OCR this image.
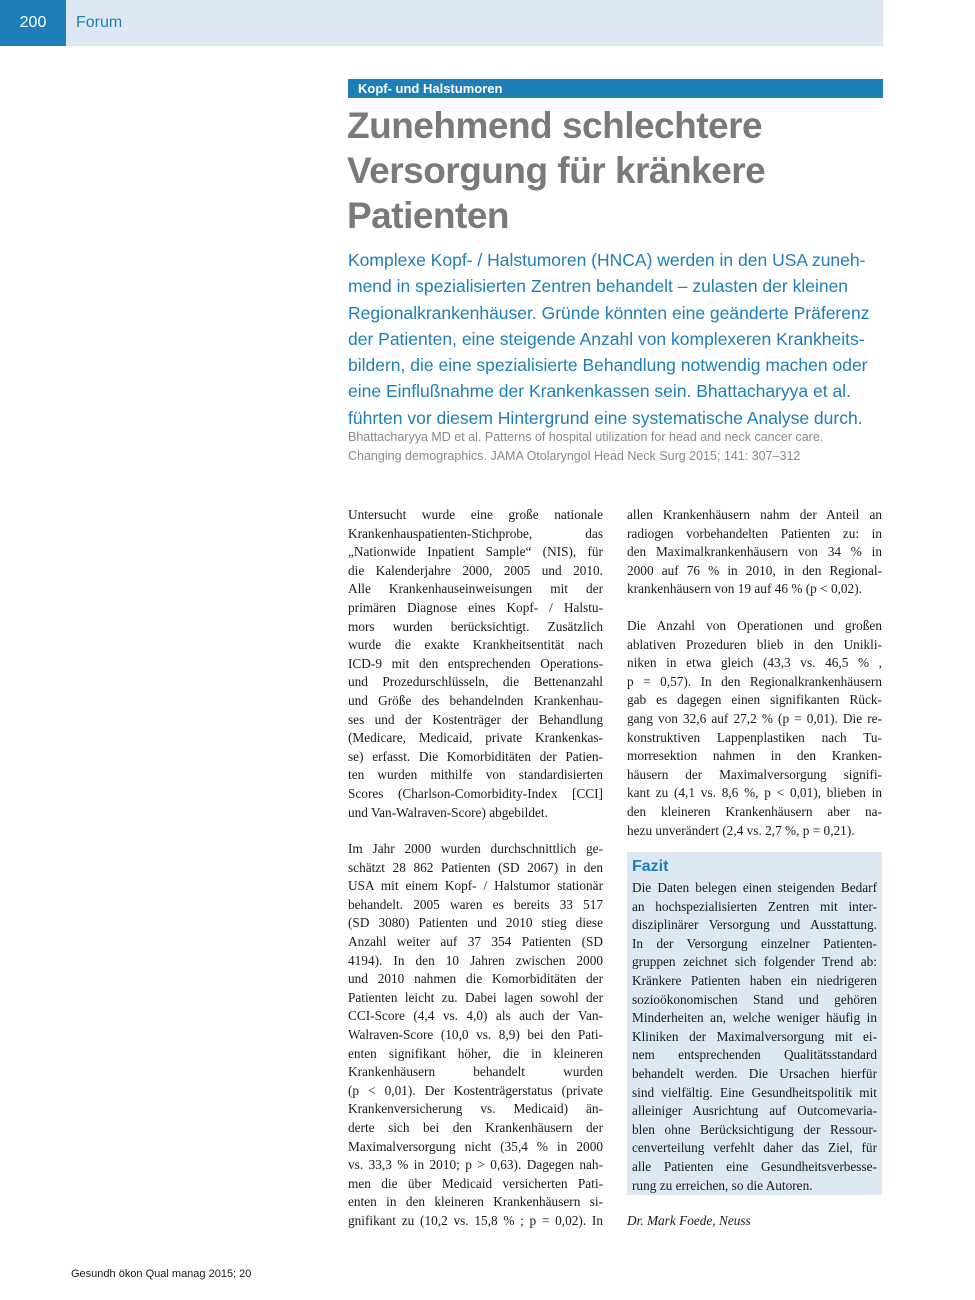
200	Forum
Kopf- und Halstumoren
Zunehmend schlechtere Versorgung für kränkere Patienten
Komplexe Kopf- / Halstumoren (HNCA) werden in den USA zuneh-
mend in spezialisierten Zentren behandelt – zulasten der kleinen
Regionalkrankenhäuser. Gründe könnten eine geänderte Präferenz
der Patienten, eine steigende Anzahl von komplexeren Krankheits-
bildern, die eine spezialisierte Behandlung notwendig machen oder
eine Einflußnahme der Krankenkassen sein. Bhattacharyya et al.
führten vor diesem Hintergrund eine systematische Analyse durch.
Bhattacharyya MD et al. Patterns of hospital utilization for head and neck cancer care.
Changing demographics. JAMA Otolaryngol Head Neck Surg 2015; 141: 307–312
Untersucht wurde eine große nationale
Krankenhauspatienten-Stichprobe, das
„Nationwide Inpatient Sample“ (NIS), für
die Kalenderjahre 2000, 2005 und 2010.
Alle Krankenhauseinweisungen mit der
primären Diagnose eines Kopf- / Halstu-
mors wurden berücksichtigt. Zusätzlich
wurde die exakte Krankheitsentität nach
ICD-9 mit den entsprechenden Operations-
und Prozedurschlüsseln, die Bettenanzahl
und Größe des behandelnden Krankenhau-
ses und der Kostenträger der Behandlung
(Medicare, Medicaid, private Krankenkas-
se) erfasst. Die Komorbiditäten der Patien-
ten wurden mithilfe von standardisierten
Scores (Charlson-Comorbidity-Index [CCI]
und Van-Walraven-Score) abgebildet.
Im Jahr 2000 wurden durchschnittlich ge-
schätzt 28 862 Patienten (SD 2067) in den
USA mit einem Kopf- / Halstumor stationär
behandelt. 2005 waren es bereits 33 517
(SD 3080) Patienten und 2010 stieg diese
Anzahl weiter auf 37 354 Patienten (SD
4194). In den 10 Jahren zwischen 2000
und 2010 nahmen die Komorbiditäten der
Patienten leicht zu. Dabei lagen sowohl der
CCI-Score (4,4 vs. 4,0) als auch der Van-
Walraven-Score (10,0 vs. 8,9) bei den Pati-
enten signifikant höher, die in kleineren
Krankenhäusern behandelt wurden
(p < 0,01). Der Kostenträgerstatus (private
Krankenversicherung vs. Medicaid) än-
derte sich bei den Krankenhäusern der
Maximalversorgung nicht (35,4 % in 2000
vs. 33,3 % in 2010; p > 0,63). Dagegen nah-
men die über Medicaid versicherten Pati-
enten in den kleineren Krankenhäusern si-
gnifikant zu (10,2 vs. 15,8 % ; p = 0,02). In
allen Krankenhäusern nahm der Anteil an
radiogen vorbehandelten Patienten zu: in
den Maximalkrankenhäusern von 34 % in
2000 auf 76 % in 2010, in den Regional-
krankenhäusern von 19 auf 46 % (p < 0,02).
Die Anzahl von Operationen und großen
ablativen Prozeduren blieb in den Unikli-
niken in etwa gleich (43,3 vs. 46,5 % ,
p = 0,57). In den Regionalkrankenhäusern
gab es dagegen einen signifikanten Rück-
gang von 32,6 auf 27,2 % (p = 0,01). Die re-
konstruktiven Lappenplastiken nach Tu-
morresektion nahmen in den Kranken-
häusern der Maximalversorgung signifi-
kant zu (4,1 vs. 8,6 %, p < 0,01), blieben in
den kleineren Krankenhäusern aber na-
hezu unverändert (2,4 vs. 2,7 %, p = 0,21).
Fazit
Die Daten belegen einen steigenden Bedarf
an hochspezialisierten Zentren mit inter-
disziplinärer Versorgung und Ausstattung.
In der Versorgung einzelner Patienten-
gruppen zeichnet sich folgender Trend ab:
Kränkere Patienten haben ein niedrigeren
sozioökonomischen Stand und gehören
Minderheiten an, welche weniger häufig in
Kliniken der Maximalversorgung mit ei-
nem entsprechenden Qualitätsstandard
behandelt werden. Die Ursachen hierfür
sind vielfältig. Eine Gesundheitspolitik mit
alleiniger Ausrichtung auf Outcomevaria-
blen ohne Berücksichtigung der Ressour-
cenverteilung verfehlt daher das Ziel, für
alle Patienten eine Gesundheitsverbesse-
rung zu erreichen, so die Autoren.
Dr. Mark Foede, Neuss
Gesundh ökon Qual manag 2015; 20
